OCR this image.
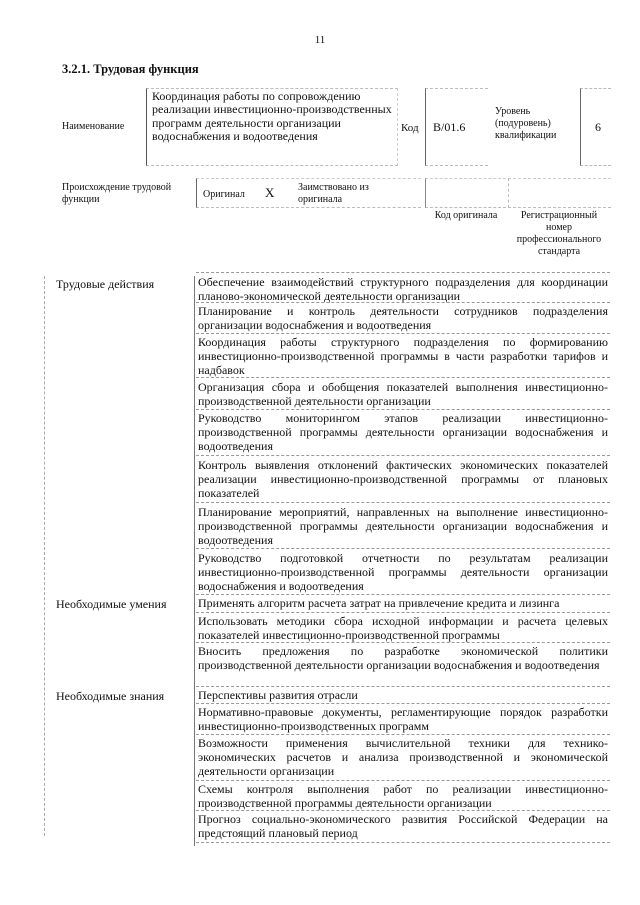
11
3.2.1. Трудовая функция
Наименование
Координация работы по сопровождению реализации инвестиционно-производственных программ деятельности организации водоснабжения и водоотведения
Код В/01.6
Уровень (подуровень) квалификации
6
Происхождение трудовой функции	Оригинал X Заимствовано из оригинала
Код оригинала	Регистрационный номер профессионального стандарта
Трудовые действия
Необходимые умения
Необходимые знания
Обеспечение взаимодействий структурного подразделения для координации планово-экономической деятельности организации
Планирование и контроль деятельности сотрудников подразделения организации водоснабжения и водоотведения
Координация работы структурного подразделения по формированию инвестиционно-производственной программы в части разработки тарифов и надбавок
Организация сбора и обобщения показателей выполнения инвестиционно-производственной деятельности организации
Руководство мониторингом этапов реализации инвестиционно-производственной программы деятельности организации водоснабжения и водоотведения
Контроль выявления отклонений фактических экономических показателей реализации инвестиционно-производственной программы от плановых показателей
Планирование мероприятий, направленных на выполнение инвестиционно-производственной программы деятельности организации водоснабжения и водоотведения
Руководство подготовкой отчетности по результатам реализации инвестиционно-производственной программы деятельности организации водоснабжения и водоотведения
Применять алгоритм расчета затрат на привлечение кредита и лизинга
Использовать методики сбора исходной информации и расчета целевых показателей инвестиционно-производственной программы
Вносить предложения по разработке экономической политики производственной деятельности организации водоснабжения и водоотведения
Перспективы развития отрасли
Нормативно-правовые документы, регламентирующие порядок разработки инвестиционно-производственных программ
Возможности применения вычислительной техники для технико-экономических расчетов и анализа производственной и экономической деятельности организации
Схемы контроля выполнения работ по реализации инвестиционно-производственной программы деятельности организации
Прогноз социально-экономического развития Российской Федерации на предстоящий плановый период
